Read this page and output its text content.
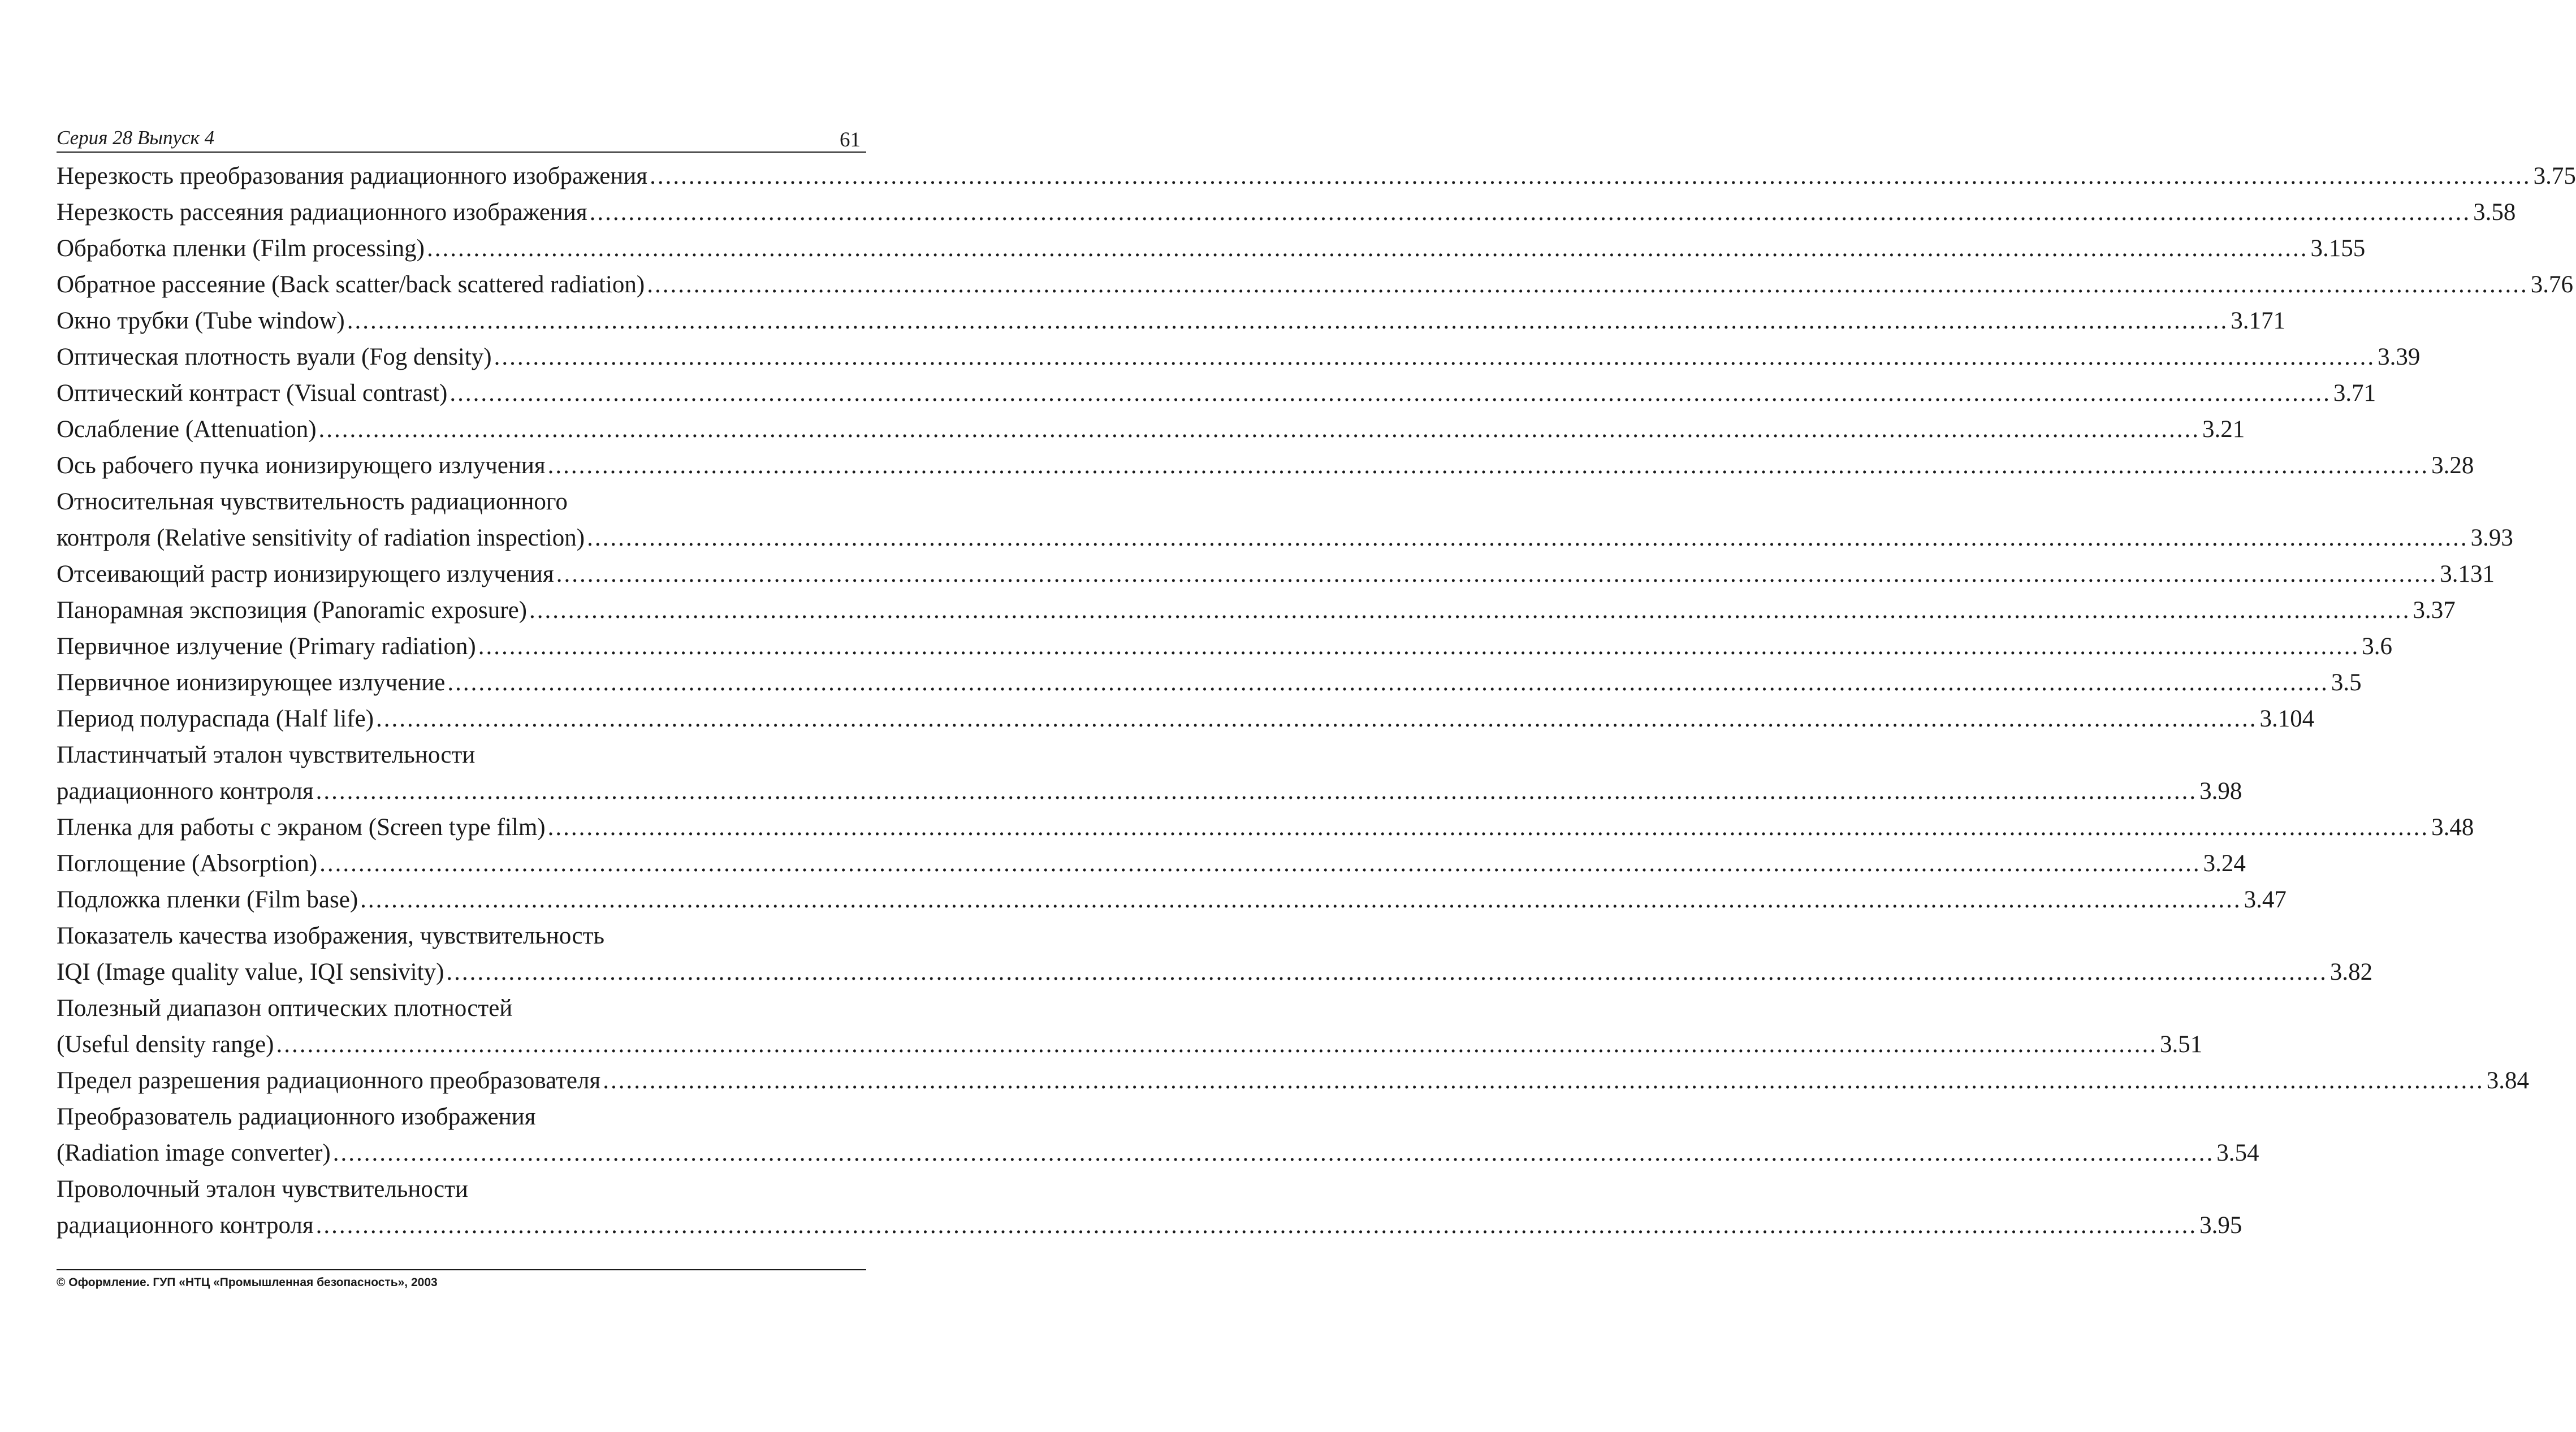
Серия 28 Выпуск 4	61
Нерезкость преобразования радиационного изображения .....	3.75
Нерезкость рассеяния радиационного изображения .....	3.58
Обработка пленки (Film processing) .....	3.155
Обратное рассеяние (Back scatter/back scattered radiation) .....	3.76
Окно трубки (Tube window) .....	3.171
Оптическая плотность вуали (Fog density) .....	3.39
Оптический контраст (Visual contrast) .....	3.71
Ослабление (Attenuation) .....	3.21
Ось рабочего пучка ионизирующего излучения .....	3.28
Относительная чувствительность радиационного
контроля (Relative sensitivity of radiation inspection) .....	3.93
Отсеивающий растр ионизирующего излучения .....	3.131
Панорамная экспозиция (Panoramic exposure) .....	3.37
Первичное излучение (Primary radiation) .....	3.6
Первичное ионизирующее излучение .....	3.5
Период полураспада (Half life) .....	3.104
Пластинчатый эталон чувствительности
радиационного контроля .....	3.98
Пленка для работы с экраном (Screen type film) .....	3.48
Поглощение (Absorption) .....	3.24
Подложка пленки (Film base) .....	3.47
Показатель качества изображения, чувствительность
IQI (Image quality value, IQI sensivity) .....	3.82
Полезный диапазон оптических плотностей
(Useful density range) .....	3.51
Предел разрешения радиационного преобразователя .....	3.84
Преобразователь радиационного изображения
(Radiation image converter) .....	3.54
Проволочный эталон чувствительности
радиационного контроля .....	3.95
© Оформление. ГУП «НТЦ «Промышленная безопасность», 2003
